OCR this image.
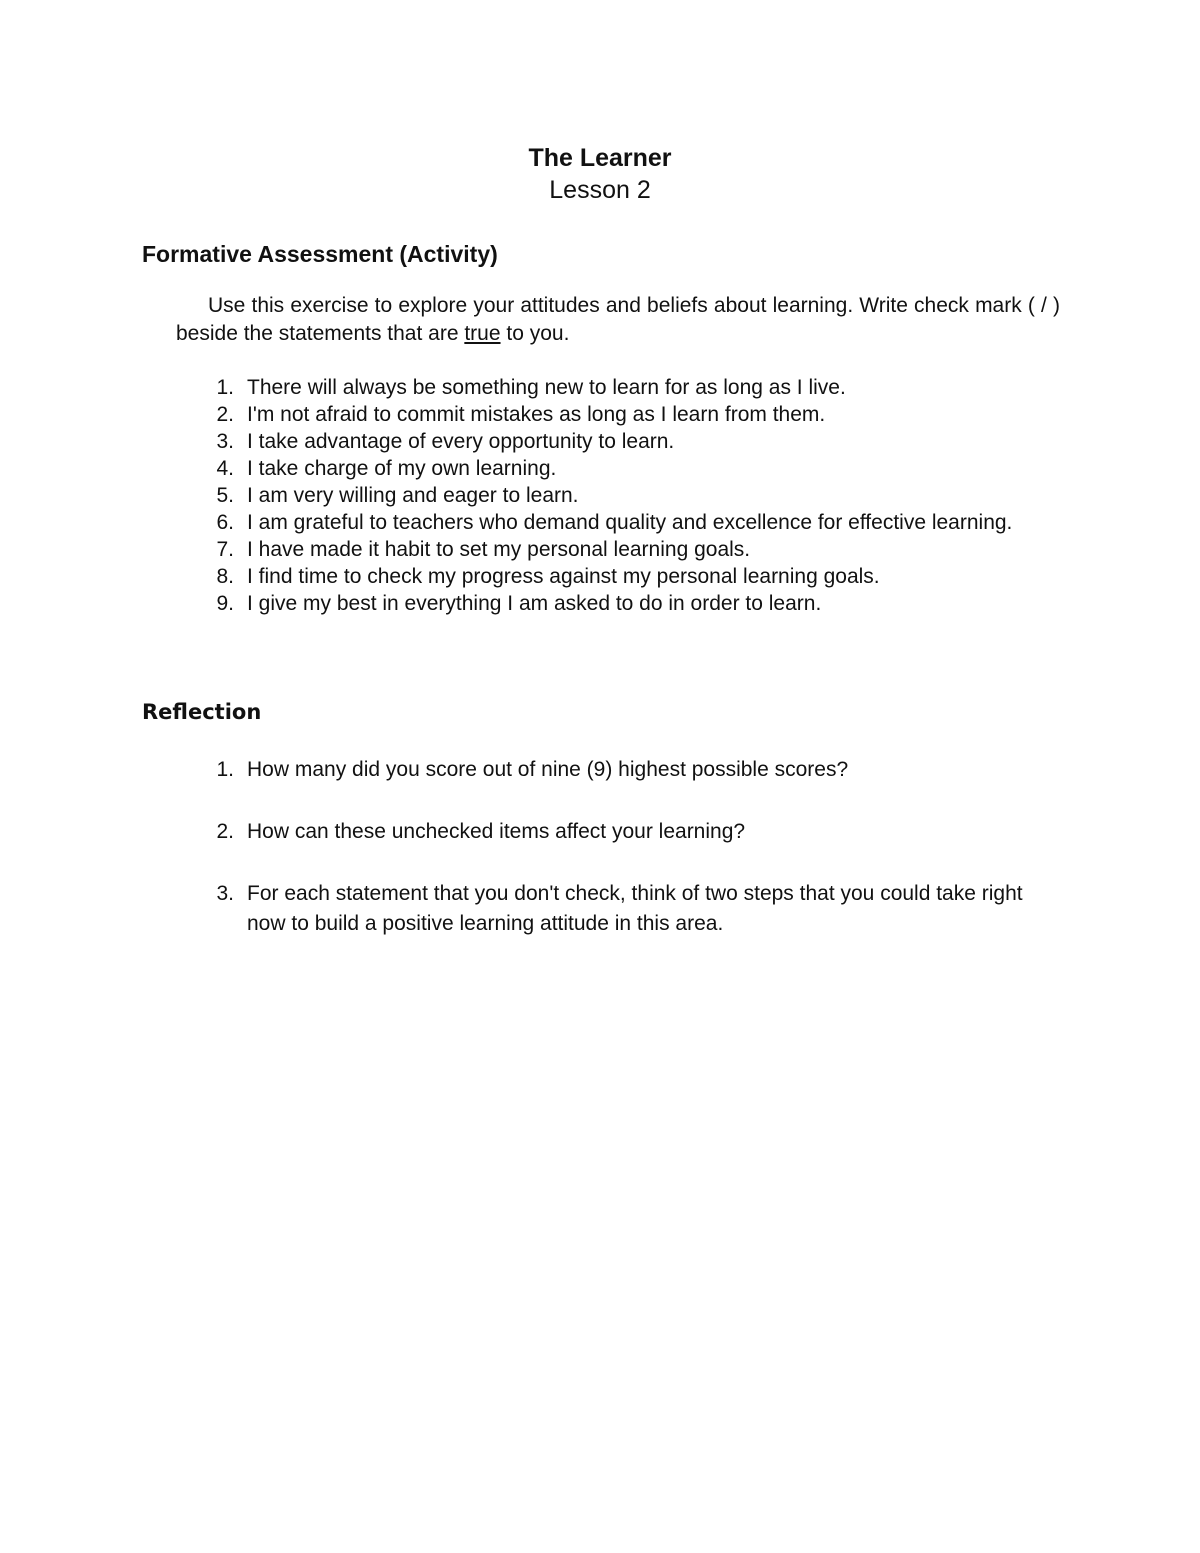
The Learner
Lesson 2
Formative Assessment (Activity)
Use this exercise to explore your attitudes and beliefs about learning. Write check mark ( / ) beside the statements that are true to you.
1. There will always be something new to learn for as long as I live.
2. I'm not afraid to commit mistakes as long as I learn from them.
3. I take advantage of every opportunity to learn.
4. I take charge of my own learning.
5. I am very willing and eager to learn.
6. I am grateful to teachers who demand quality and excellence for effective learning.
7. I have made it habit to set my personal learning goals.
8. I find time to check my progress against my personal learning goals.
9. I give my best in everything I am asked to do in order to learn.
Reflection
1. How many did you score out of nine (9) highest possible scores?
2. How can these unchecked items affect your learning?
3. For each statement that you don't check, think of two steps that you could take right now to build a positive learning attitude in this area.
